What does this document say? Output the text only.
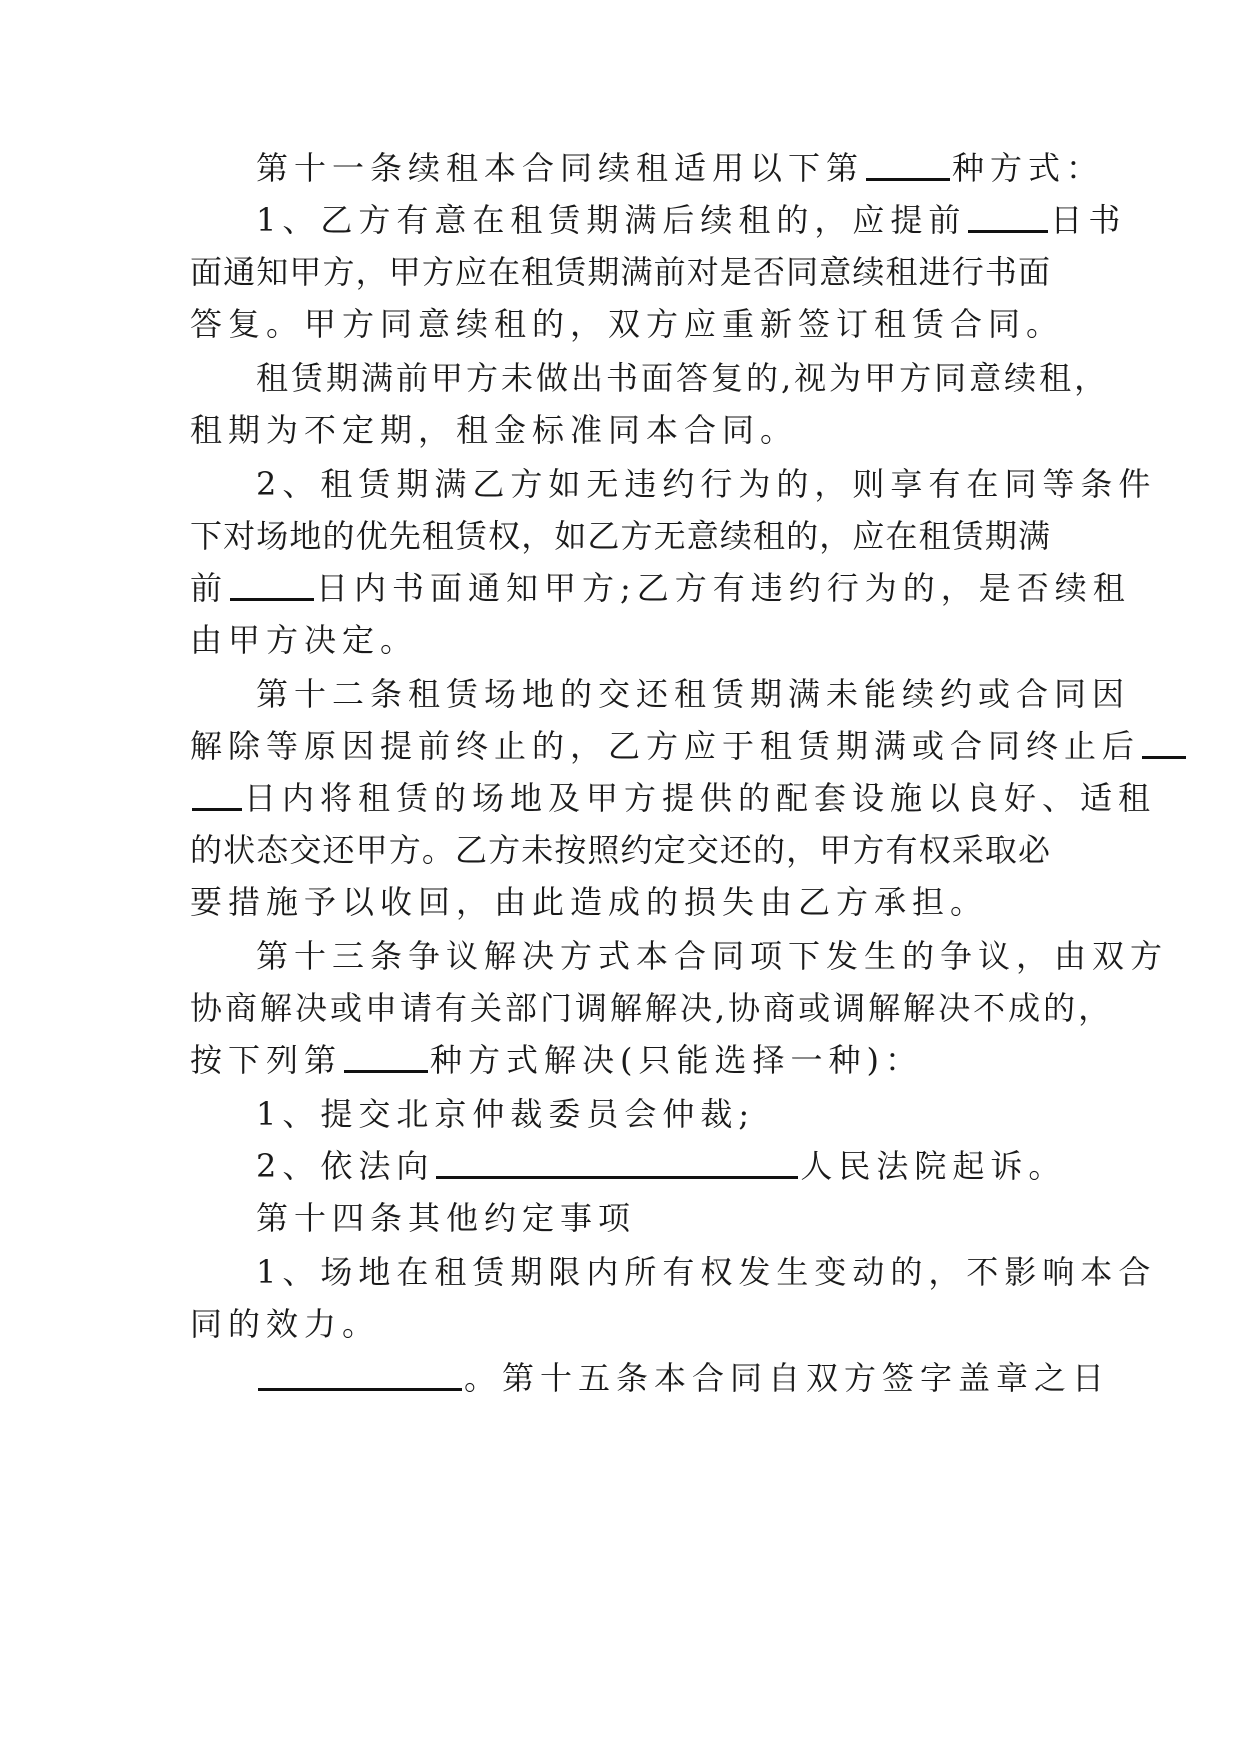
第十一条续租本合同续租适用以下第	种方式：
1、乙方有意在租赁期满后续租的，应提前	日书
面通知甲方，甲方应在租赁期满前对是否同意续租进行书面
答复。甲方同意续租的，双方应重新签订租赁合同。
租赁期满前甲方未做出书面答复的,视为甲方同意续租，
租期为不定期，租金标准同本合同。
2、租赁期满乙方如无违约行为的，则享有在同等条件
下对场地的优先租赁权，如乙方无意续租的，应在租赁期满
前	日内书面通知甲方;乙方有违约行为的，是否续租
由甲方决定。
第十二条租赁场地的交还租赁期满未能续约或合同因
解除等原因提前终止的，乙方应于租赁期满或合同终止后
日内将租赁的场地及甲方提供的配套设施以良好、适租
的状态交还甲方。乙方未按照约定交还的，甲方有权采取必
要措施予以收回，由此造成的损失由乙方承担。
第十三条争议解决方式本合同项下发生的争议，由双方
协商解决或申请有关部门调解解决,协商或调解解决不成的，
按下列第	种方式解决(只能选择一种)：
1、提交北京仲裁委员会仲裁;
2、依法向	人民法院起诉。
第十四条其他约定事项
1、场地在租赁期限内所有权发生变动的，不影响本合
同的效力。
。第十五条本合同自双方签字盖章之日
